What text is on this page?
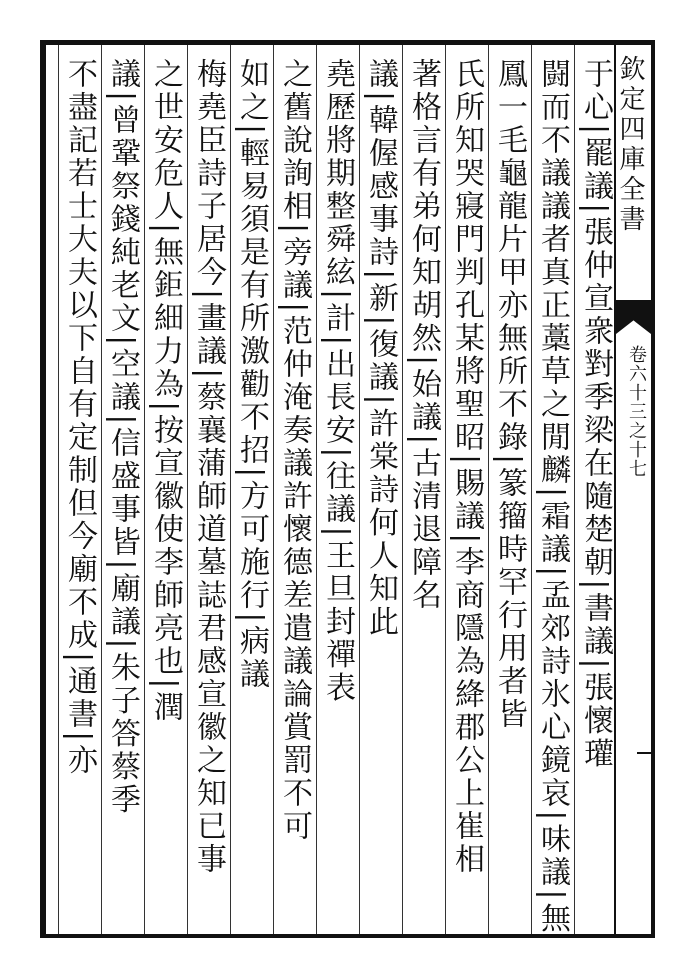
欽定四庫全書
卷六十三之十七
于心|罷議|張仲宣衆對季梁在隨楚朝|書議|張懷瓘
闘而不議議者真正藁草之閒麟|霜議|孟郊詩氷心鏡哀|味議|無
鳳一毛龜龍片甲亦無所不錄|篆籀時罕行用者皆
氏所知哭寢門判孔某將聖昭|賜議|李商隱為絳郡公上崔相
著格言有弟何知胡然|始議|古清退障名
議|韓偓感事詩|新|復議|許棠詩何人知此
堯歷將期整舜絃|計|出長安|往議|王旦封禪表
之舊說詢相|旁議|范仲淹奏議許懷德差遣議論賞罰不可
如之|輕易須是有所激勸不招|方可施行|病議
梅堯臣詩子居今|畫議|蔡襄蒲師道墓誌君感宣徽之知已事
之世安危人|無鉅細力為|按宣徽使李師亮也|潤
議|曾鞏祭錢純老文|空議|信盛事皆|廟議|朱子答蔡季
不盡記若士大夫以下自有定制但今廟不成|通書|亦
